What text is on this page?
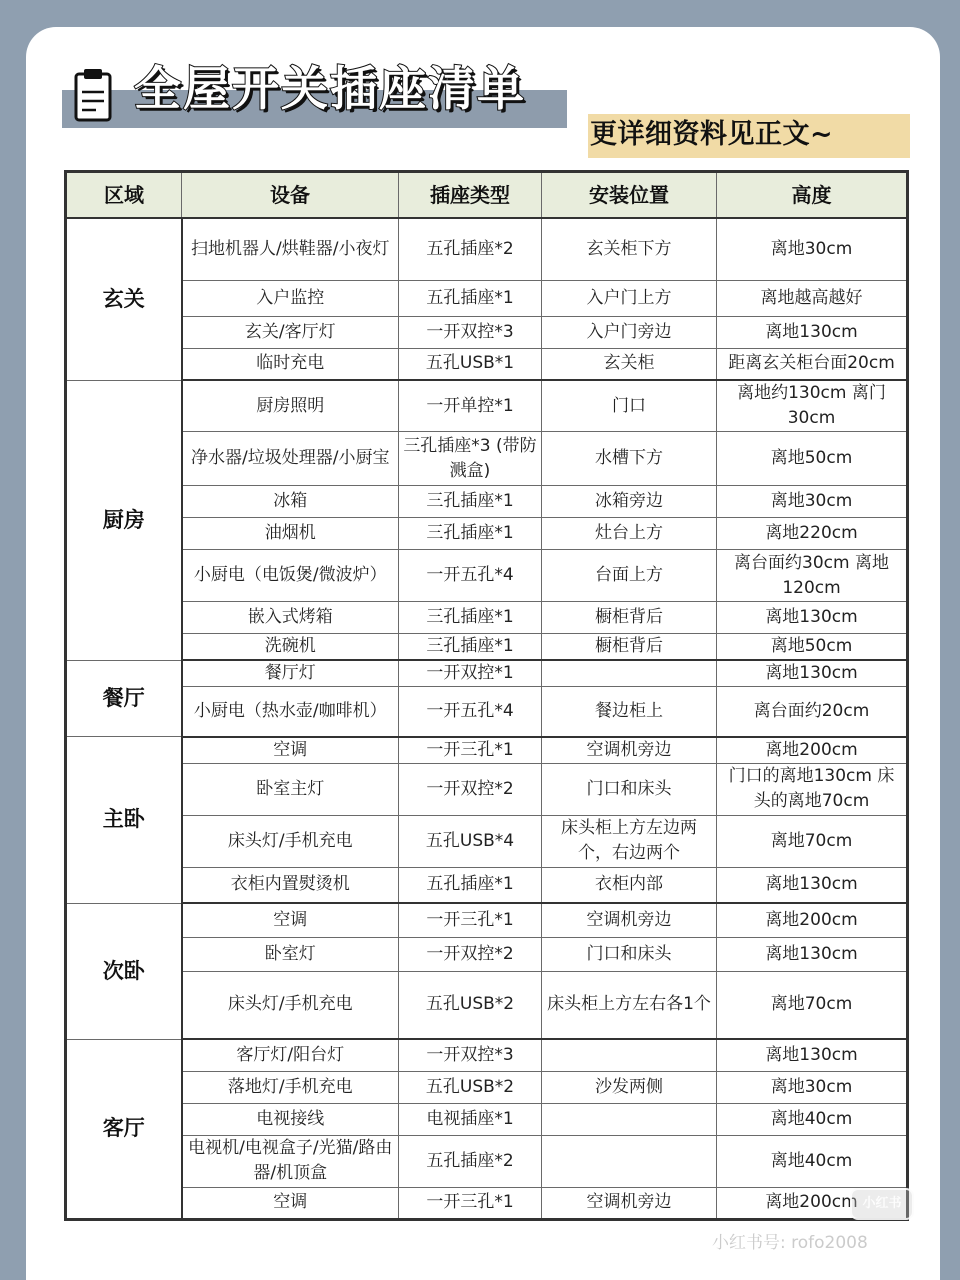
全屋开关插座清单
更详细资料见正文~
区域	设备	插座类型	安装位置	高度
玄关	扫地机器人/烘鞋器/小夜灯	五孔插座*2	玄关柜下方	离地30cm
	入户监控	五孔插座*1	入户门上方	离地越高越好
	玄关/客厅灯	一开双控*3	入户门旁边	离地130cm
	临时充电	五孔USB*1	玄关柜	距离玄关柜台面20cm
厨房	厨房照明	一开单控*1	门口	离地约130cm 离门30cm
	净水器/垃圾处理器/小厨宝	三孔插座*3 (带防溅盒)	水槽下方	离地50cm
	冰箱	三孔插座*1	冰箱旁边	离地30cm
	油烟机	三孔插座*1	灶台上方	离地220cm
	小厨电（电饭煲/微波炉）	一开五孔*4	台面上方	离台面约30cm 离地120cm
	嵌入式烤箱	三孔插座*1	橱柜背后	离地130cm
	洗碗机	三孔插座*1	橱柜背后	离地50cm
餐厅	餐厅灯	一开双控*1		离地130cm
	小厨电（热水壶/咖啡机）	一开五孔*4	餐边柜上	离台面约20cm
主卧	空调	一开三孔*1	空调机旁边	离地200cm
	卧室主灯	一开双控*2	门口和床头	门口的离地130cm 床头的离地70cm
	床头灯/手机充电	五孔USB*4	床头柜上方左边两个，右边两个	离地70cm
	衣柜内置熨烫机	五孔插座*1	衣柜内部	离地130cm
次卧	空调	一开三孔*1	空调机旁边	离地200cm
	卧室灯	一开双控*2	门口和床头	离地130cm
	床头灯/手机充电	五孔USB*2	床头柜上方左右各1个	离地70cm
客厅	客厅灯/阳台灯	一开双控*3		离地130cm
	落地灯/手机充电	五孔USB*2	沙发两侧	离地30cm
	电视接线	电视插座*1		离地40cm
	电视机/电视盒子/光猫/路由器/机顶盒	五孔插座*2		离地40cm
	空调	一开三孔*1	空调机旁边	离地200cm 小红书
小红书号: rofo2008
